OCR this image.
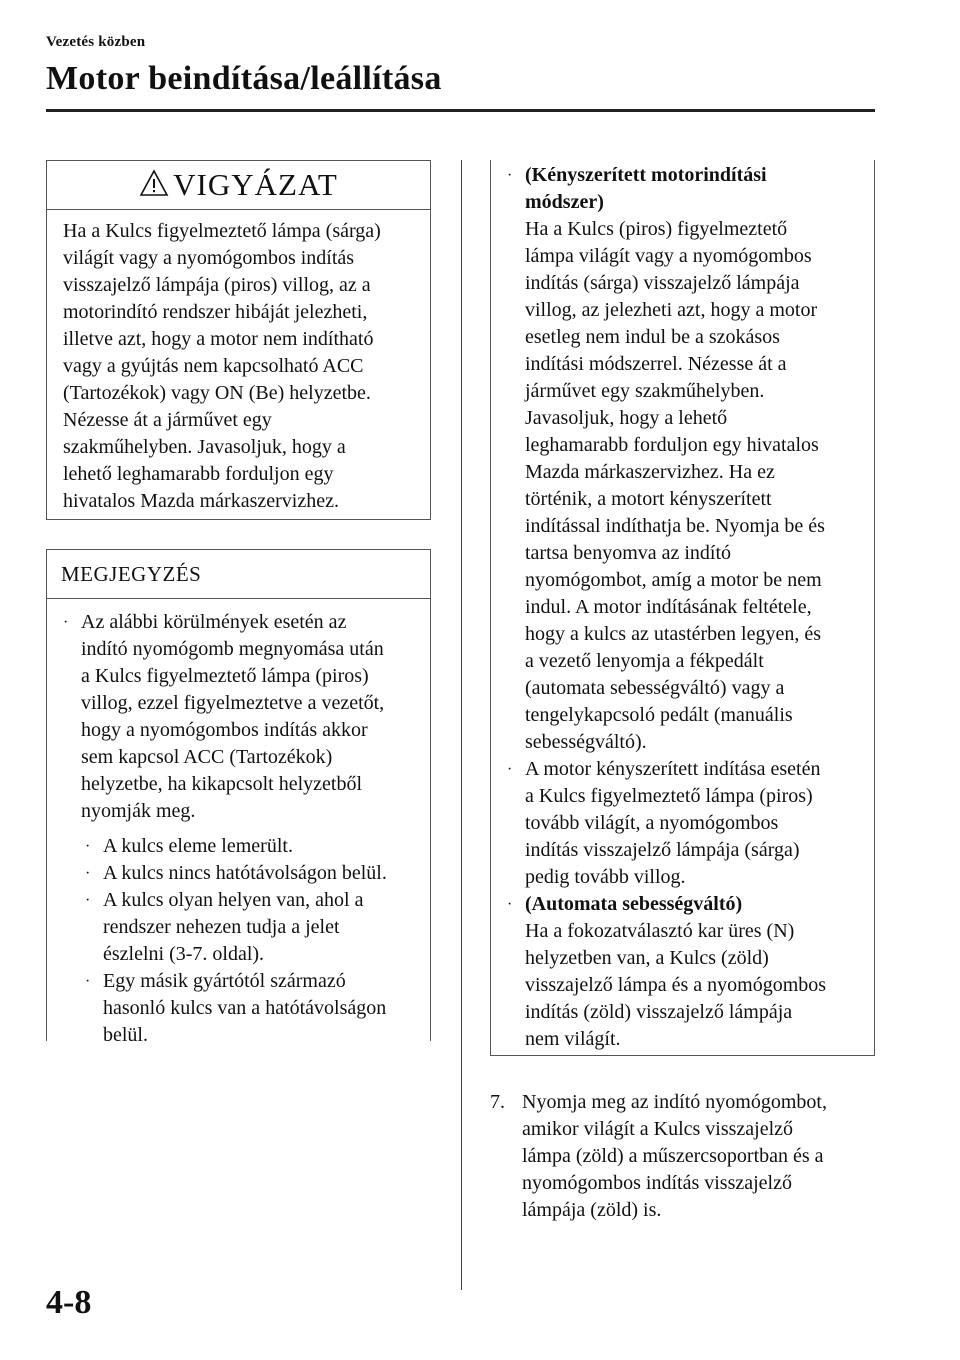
Vezetés közben
Motor beindítása/leállítása
VIGYÁZAT
Ha a Kulcs figyelmeztető lámpa (sárga)
világít vagy a nyomógombos indítás
visszajelző lámpája (piros) villog, az a
motorindító rendszer hibáját jelezheti,
illetve azt, hogy a motor nem indítható
vagy a gyújtás nem kapcsolható ACC
(Tartozékok) vagy ON (Be) helyzetbe.
Nézesse át a járművet egy
szakműhelyben. Javasoljuk, hogy a
lehető leghamarabb forduljon egy
hivatalos Mazda márkaszervizhez.
MEGJEGYZÉS
· Az alábbi körülmények esetén az
indító nyomógomb megnyomása után
a Kulcs figyelmeztető lámpa (piros)
villog, ezzel figyelmeztetve a vezetőt,
hogy a nyomógombos indítás akkor
sem kapcsol ACC (Tartozékok)
helyzetbe, ha kikapcsolt helyzetből
nyomják meg.
· A kulcs eleme lemerült.
· A kulcs nincs hatótávolságon belül.
· A kulcs olyan helyen van, ahol a
rendszer nehezen tudja a jelet
észlelni (3-7. oldal).
· Egy másik gyártótól származó
hasonló kulcs van a hatótávolságon
belül.
· (Kényszerített motorindítási
módszer)
Ha a Kulcs (piros) figyelmeztető
lámpa világít vagy a nyomógombos
indítás (sárga) visszajelző lámpája
villog, az jelezheti azt, hogy a motor
esetleg nem indul be a szokásos
indítási módszerrel. Nézesse át a
járművet egy szakműhelyben.
Javasoljuk, hogy a lehető
leghamarabb forduljon egy hivatalos
Mazda márkaszervizhez. Ha ez
történik, a motort kényszerített
indítással indíthatja be. Nyomja be és
tartsa benyomva az indító
nyomógombot, amíg a motor be nem
indul. A motor indításának feltétele,
hogy a kulcs az utastérben legyen, és
a vezető lenyomja a fékpedált
(automata sebességváltó) vagy a
tengelykapcsoló pedált (manuális
sebességváltó).
· A motor kényszerített indítása esetén
a Kulcs figyelmeztető lámpa (piros)
tovább világít, a nyomógombos
indítás visszajelző lámpája (sárga)
pedig tovább villog.
· (Automata sebességváltó)
Ha a fokozatválasztó kar üres (N)
helyzetben van, a Kulcs (zöld)
visszajelző lámpa és a nyomógombos
indítás (zöld) visszajelző lámpája
nem világít.
7. Nyomja meg az indító nyomógombot,
amikor világít a Kulcs visszajelző
lámpa (zöld) a műszercsoportban és a
nyomógombos indítás visszajelző
lámpája (zöld) is.
4-8
